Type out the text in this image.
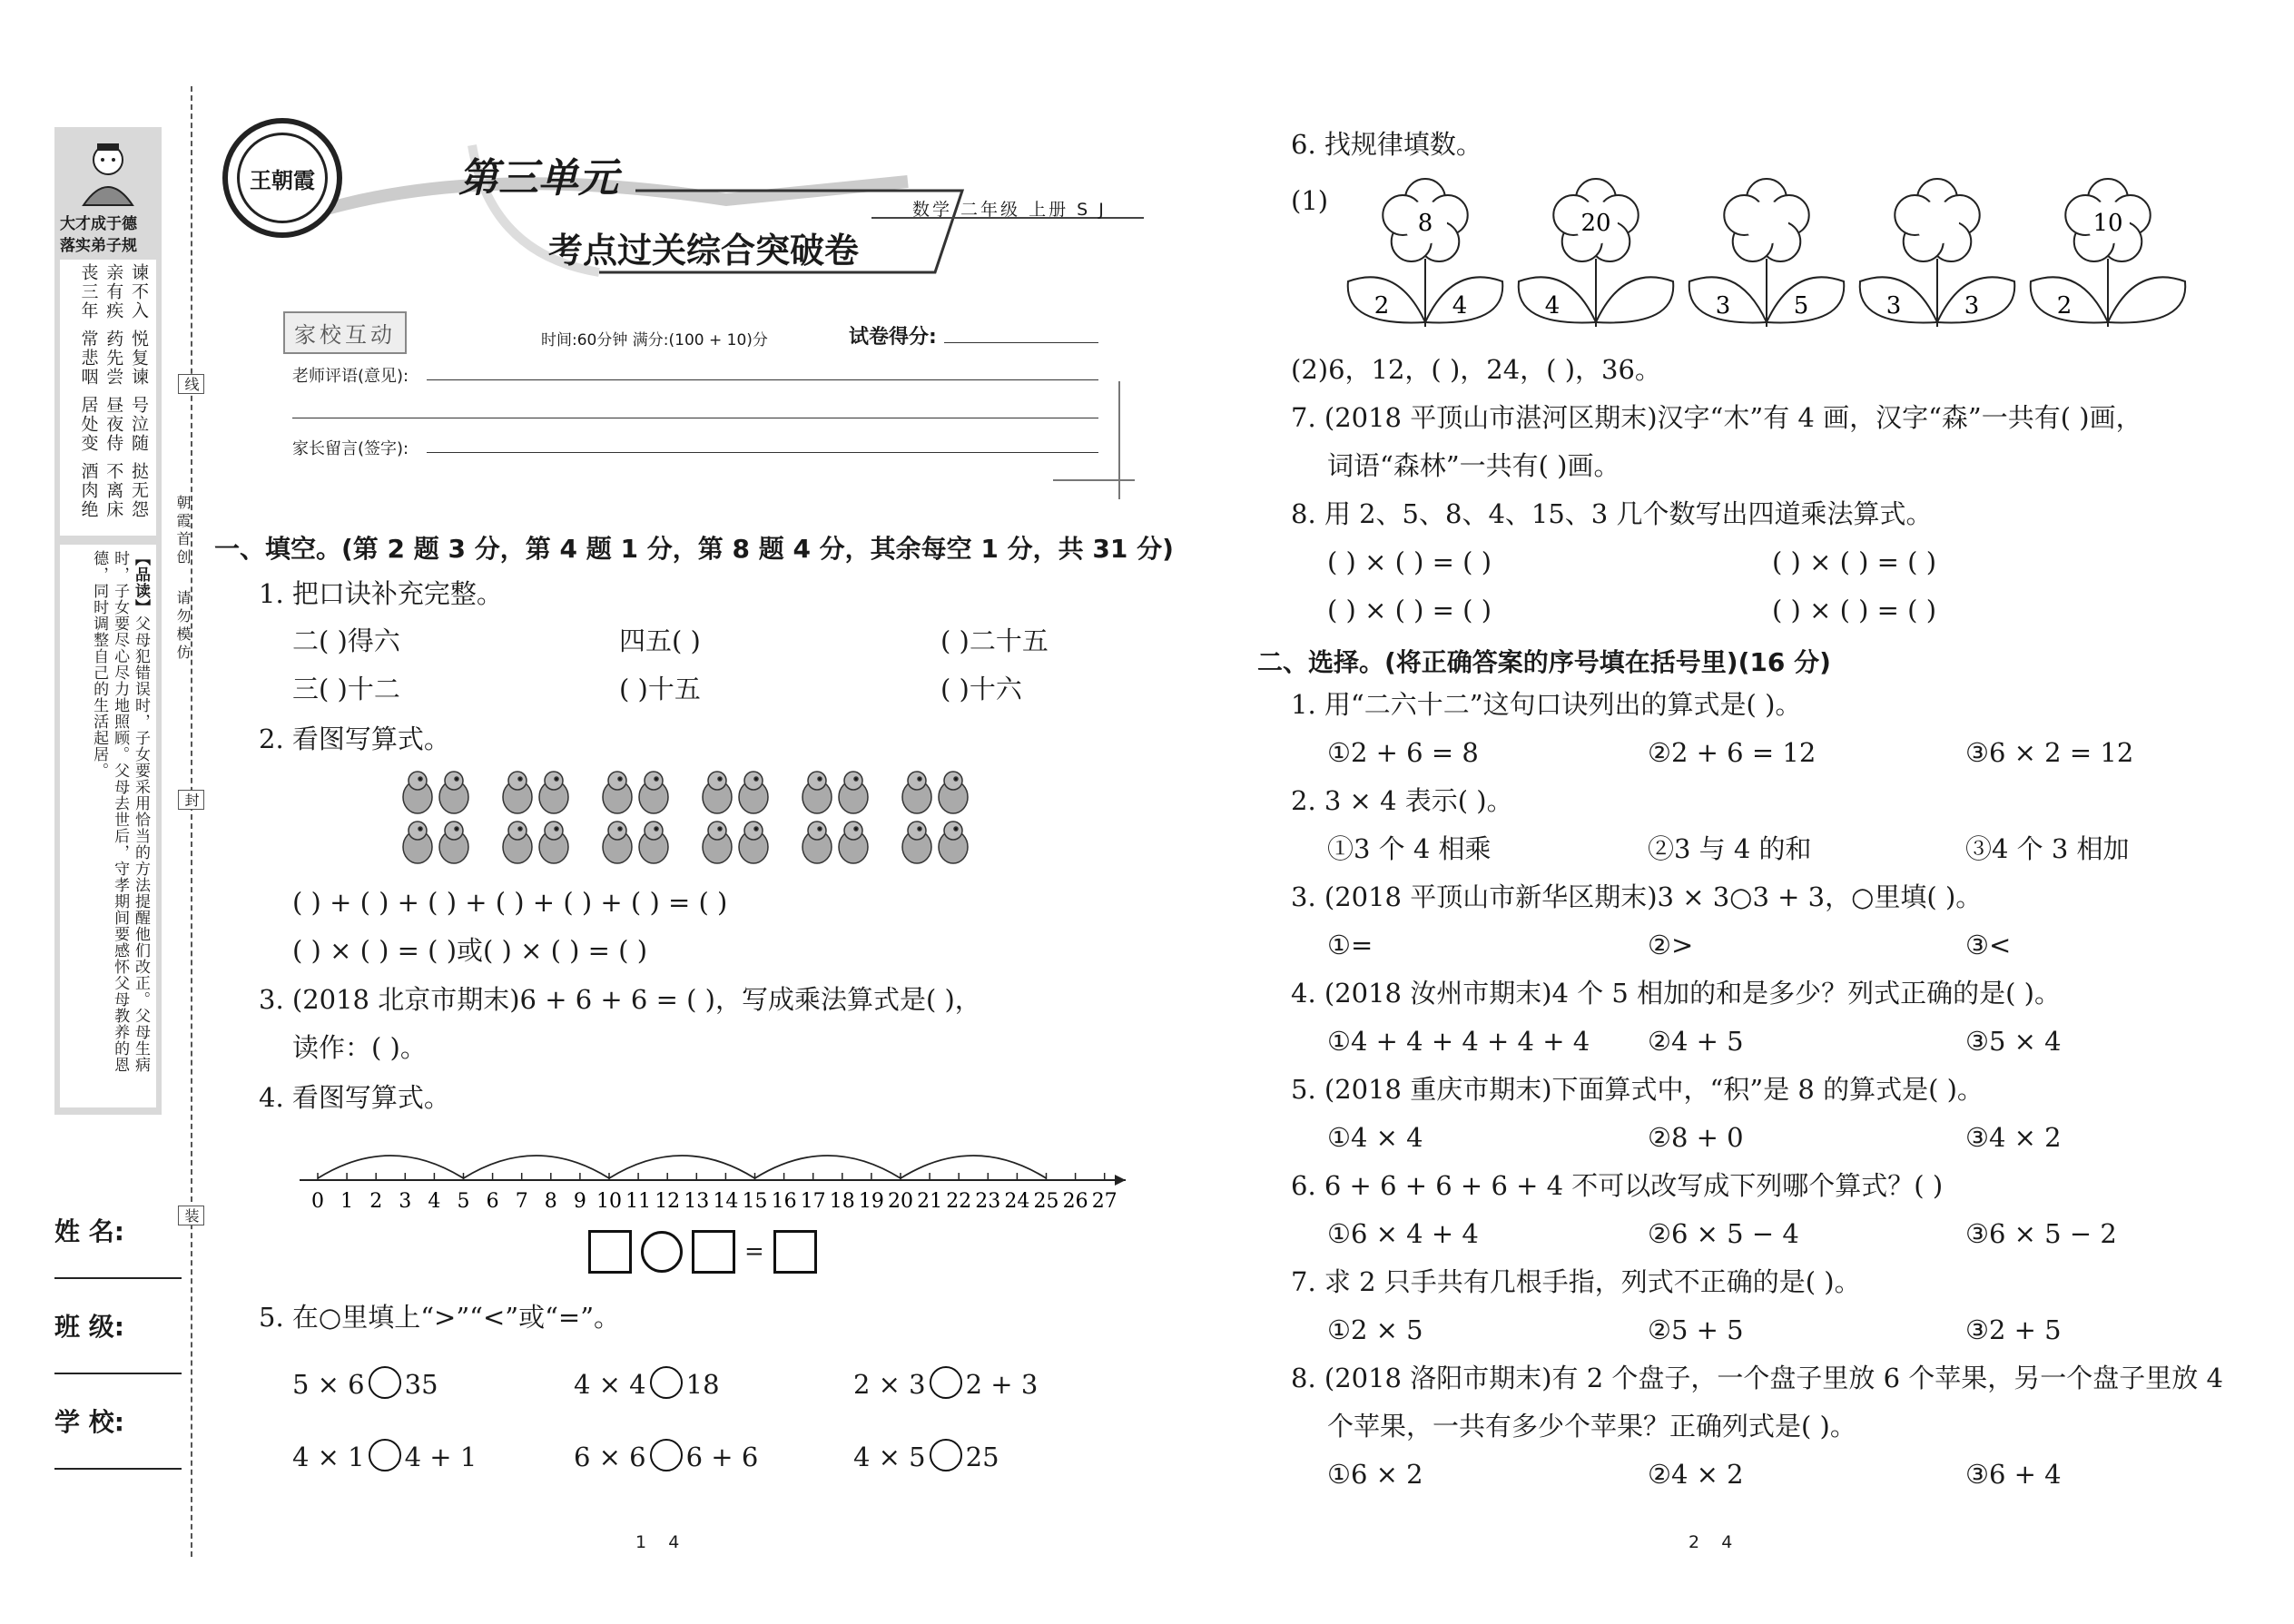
大才成于德
落实弟子规
谏不入
悦复谏
号泣随
挞无怨
亲有疾
药先尝
昼夜侍
不离床
丧三年
常悲咽
居处变
酒肉绝
【品读】父母犯错误时，子女要采用恰当的方法提醒他们改正。父母生病时，子女要尽心尽力地照顾。父母去世后，守孝期间要感怀父母教养的恩德，同时调整自己的生活起居。
线
封
装
朝霞首创
请勿模仿
姓 名:
班 级:
学 校:
王朝霞	第三单元
考点过关综合突破卷
数学 二年级 上册 S J
家校互动	时间:60分钟 满分:(100 + 10)分	试卷得分:
老师评语(意见):
家长留言(签字):
一、填空。(第 2 题 3 分，第 4 题 1 分，第 8 题 4 分，其余每空 1 分，共 31 分)
1. 把口诀补充完整。
二( )得六	四五( )	( )二十五
三( )十二	( )十五	( )十六
2. 看图写算式。
( ) + ( ) + ( ) + ( ) + ( ) + ( ) = ( )
( ) × ( ) = ( )或( ) × ( ) = ( )
3. (2018 北京市期末)6 + 6 + 6 = ( )，写成乘法算式是( )，
读作：( )。
4. 看图写算式。
0 1 2 3 4 5 6 7 8 9 10 11 12 13 14 15 16 17 18 19 20 21 22 23 24 25 26 27
=
5. 在○里填上“>”“<”或“=”。
5 × 6 35	4 × 4 18	2 × 3 2 + 3
4 × 1 4 + 1	6 × 6 6 + 6	4 × 5 25
1    4
6. 找规律填数。
(1)
8
2	4
20
4	3	5	3	3
10
2
(2)6，12，( )，24，( )，36。
7. (2018 平顶山市湛河区期末)汉字“木”有 4 画，汉字“森”一共有( )画，
词语“森林”一共有( )画。
8. 用 2、5、8、4、15、3 几个数写出四道乘法算式。
( ) × ( ) = ( )	( ) × ( ) = ( )
( ) × ( ) = ( )	( ) × ( ) = ( )
二、选择。(将正确答案的序号填在括号里)(16 分)
1. 用“二六十二”这句口诀列出的算式是( )。
①2 + 6 = 8	②2 + 6 = 12	③6 × 2 = 12
2. 3 × 4 表示( )。
①3 个 4 相乘	②3 与 4 的和	③4 个 3 相加
3. (2018 平顶山市新华区期末)3 × 3○3 + 3，○里填( )。
①=	②>	③<
4. (2018 汝州市期末)4 个 5 相加的和是多少？列式正确的是( )。
①4 + 4 + 4 + 4 + 4 ②4 + 5	③5 × 4
5. (2018 重庆市期末)下面算式中，“积”是 8 的算式是( )。
①4 × 4	②8 + 0	③4 × 2
6. 6 + 6 + 6 + 6 + 4 不可以改写成下列哪个算式？( )
①6 × 4 + 4	②6 × 5 − 4	③6 × 5 − 2
7. 求 2 只手共有几根手指，列式不正确的是( )。
①2 × 5	②5 + 5	③2 + 5
8. (2018 洛阳市期末)有 2 个盘子，一个盘子里放 6 个苹果，另一个盘子里放 4
个苹果，一共有多少个苹果？正确列式是( )。
①6 × 2	②4 × 2	③6 + 4
2    4
